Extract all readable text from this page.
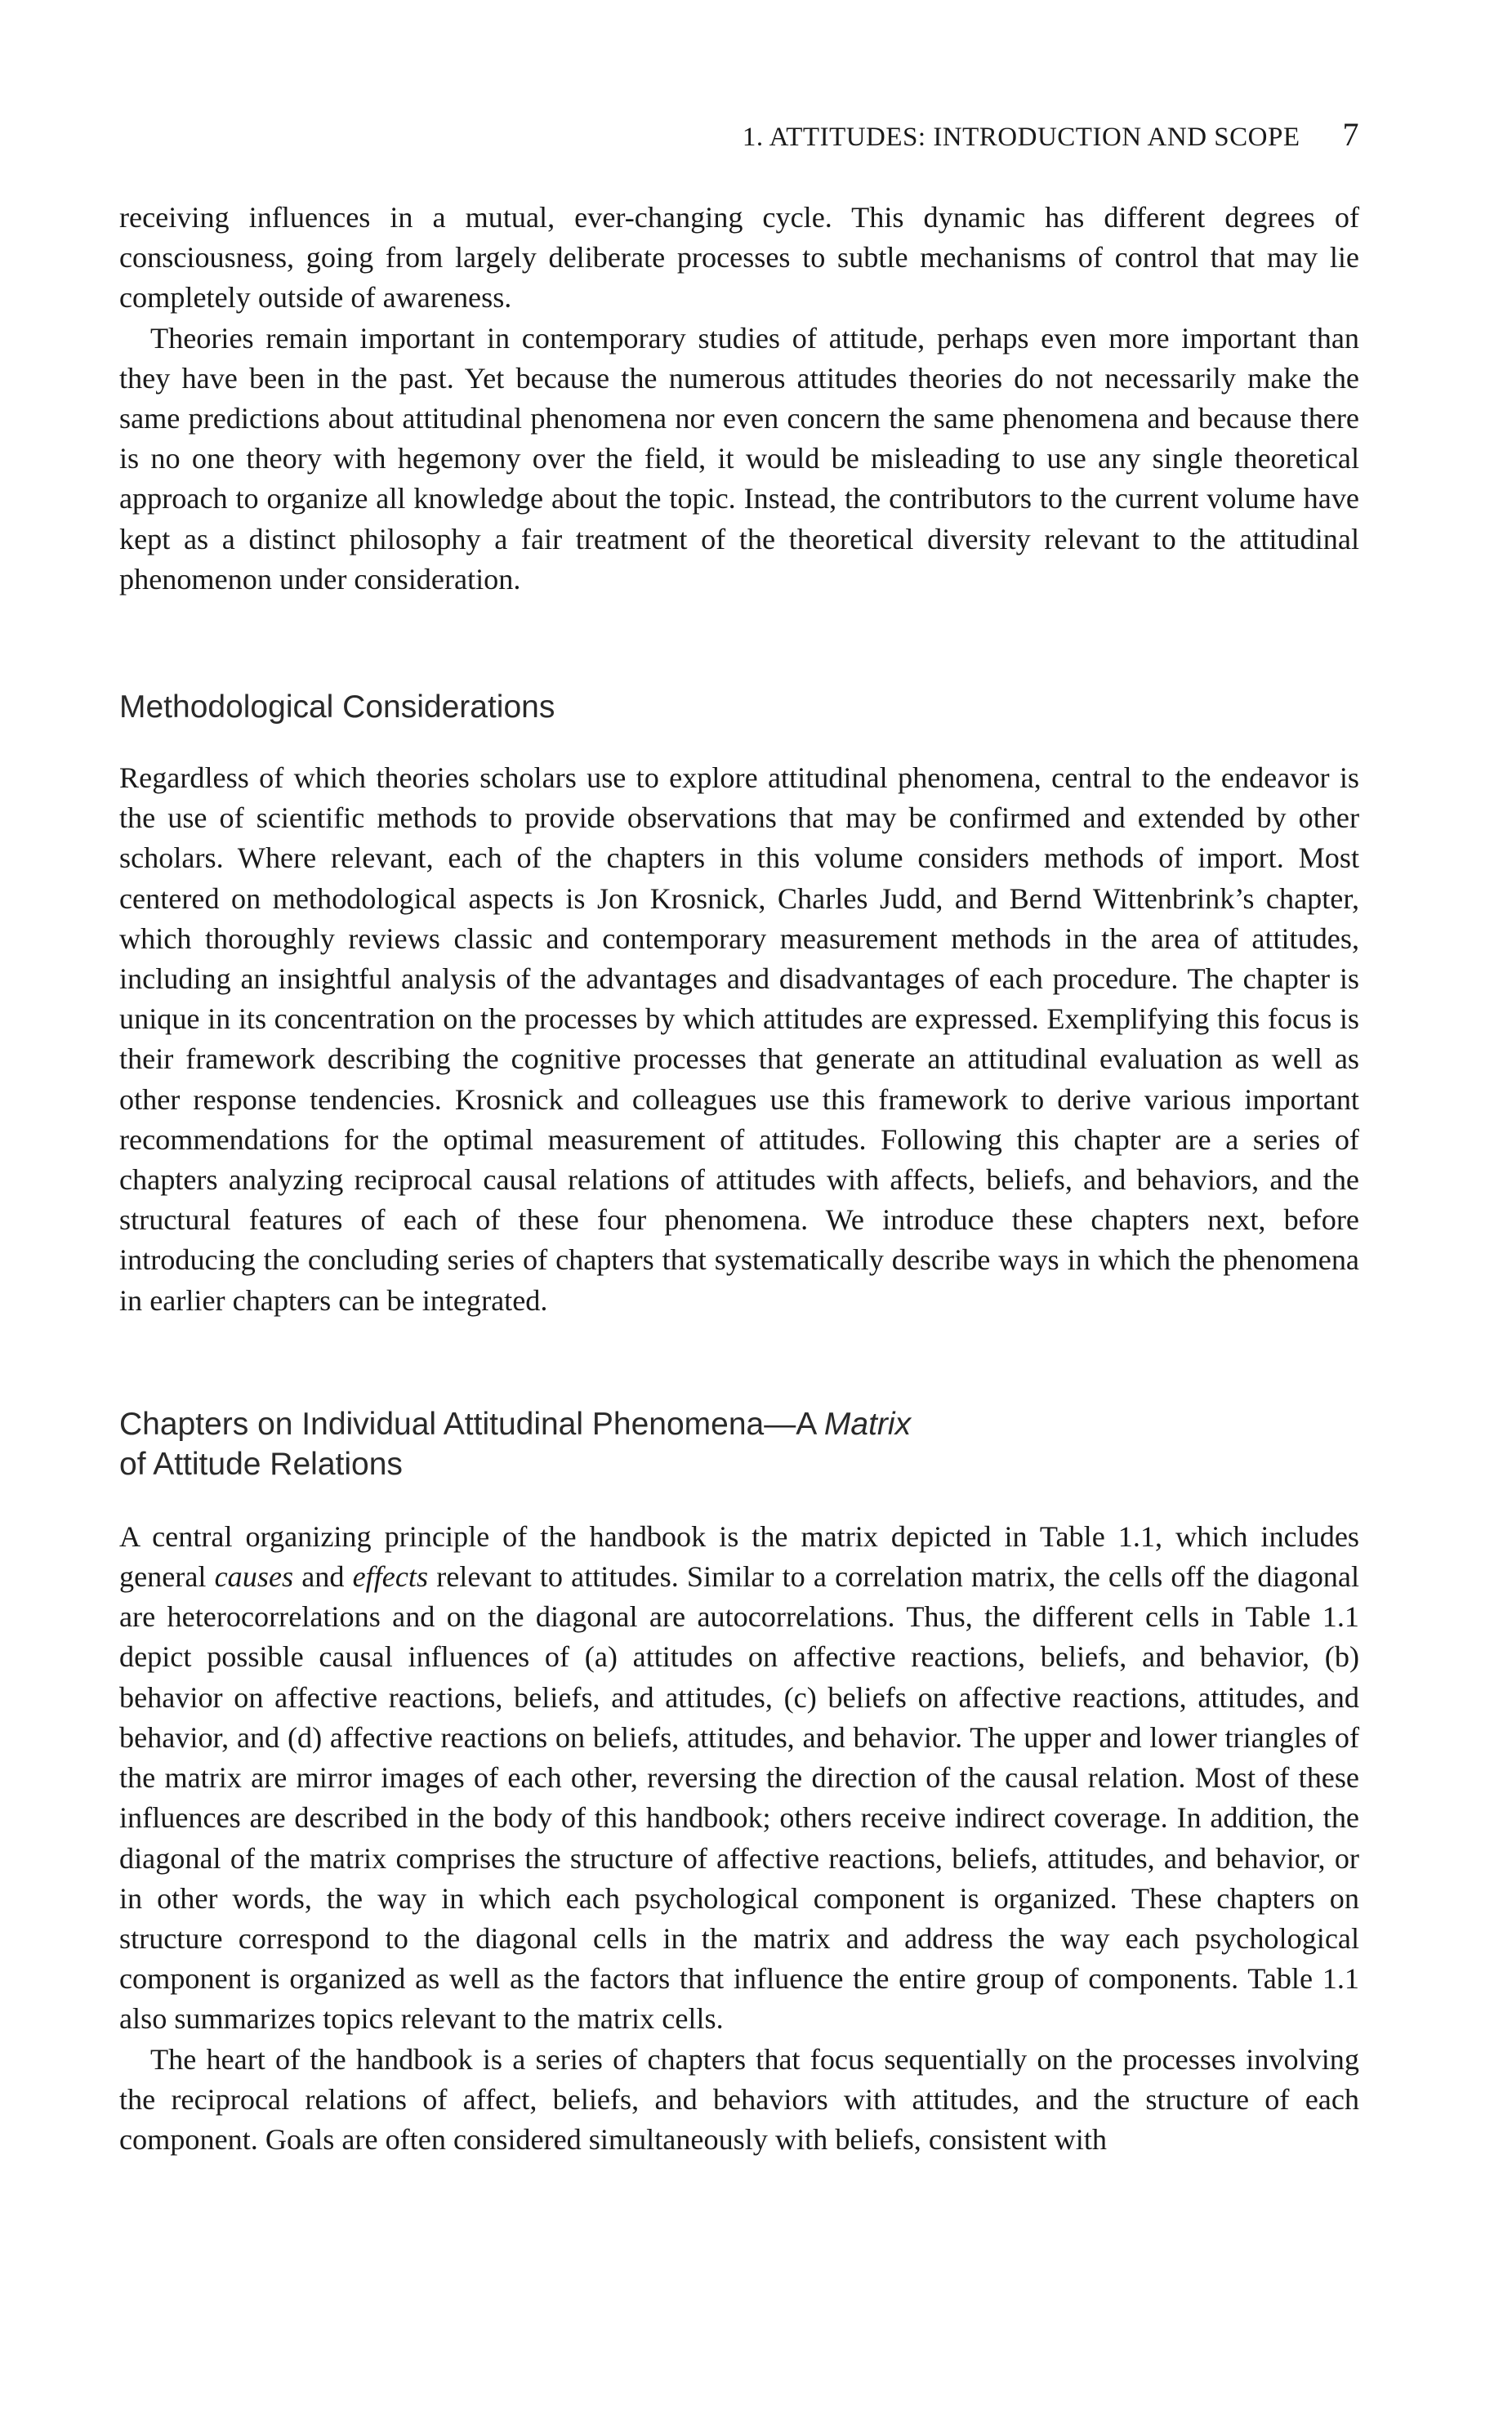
1. ATTITUDES: INTRODUCTION AND SCOPE 7

receiving influences in a mutual, ever-changing cycle. This dynamic has different degrees of consciousness, going from largely deliberate processes to subtle mechanisms of control that may lie completely outside of awareness.

Theories remain important in contemporary studies of attitude, perhaps even more important than they have been in the past. Yet because the numerous attitudes theories do not necessarily make the same predictions about attitudinal phenomena nor even concern the same phenomena and because there is no one theory with hegemony over the field, it would be misleading to use any single theoretical approach to organize all knowledge about the topic. Instead, the contributors to the current volume have kept as a distinct philosophy a fair treatment of the theoretical diversity relevant to the attitudinal phenomenon under consideration.

Methodological Considerations

Regardless of which theories scholars use to explore attitudinal phenomena, central to the endeavor is the use of scientific methods to provide observations that may be confirmed and extended by other scholars. Where relevant, each of the chapters in this volume considers methods of import. Most centered on methodological aspects is Jon Krosnick, Charles Judd, and Bernd Wittenbrink’s chapter, which thoroughly reviews classic and contemporary measurement methods in the area of attitudes, including an insightful analysis of the advantages and disadvantages of each procedure. The chapter is unique in its concentration on the processes by which attitudes are expressed. Exemplifying this focus is their framework describing the cognitive processes that generate an attitudinal evaluation as well as other response tendencies. Krosnick and colleagues use this framework to derive various important recommendations for the optimal measurement of attitudes. Following this chapter are a series of chapters analyzing reciprocal causal relations of attitudes with affects, beliefs, and behaviors, and the structural features of each of these four phenomena. We introduce these chapters next, before introducing the concluding series of chapters that systematically describe ways in which the phenomena in earlier chapters can be integrated.

Chapters on Individual Attitudinal Phenomena—A Matrix
of Attitude Relations

A central organizing principle of the handbook is the matrix depicted in Table 1.1, which includes general causes and effects relevant to attitudes. Similar to a correlation matrix, the cells off the diagonal are heterocorrelations and on the diagonal are autocorrelations. Thus, the different cells in Table 1.1 depict possible causal influences of (a) attitudes on affective reactions, beliefs, and behavior, (b) behavior on affective reactions, beliefs, and attitudes, (c) beliefs on affective reactions, attitudes, and behavior, and (d) affective reactions on beliefs, attitudes, and behavior. The upper and lower triangles of the matrix are mirror images of each other, reversing the direction of the causal relation. Most of these influences are described in the body of this handbook; others receive indirect coverage. In addition, the diagonal of the matrix comprises the structure of affective reactions, beliefs, attitudes, and behavior, or in other words, the way in which each psychological component is organized. These chapters on structure correspond to the diagonal cells in the matrix and address the way each psychological component is organized as well as the factors that influence the entire group of components. Table 1.1 also summarizes topics relevant to the matrix cells.

The heart of the handbook is a series of chapters that focus sequentially on the processes involving the reciprocal relations of affect, beliefs, and behaviors with attitudes, and the structure of each component. Goals are often considered simultaneously with beliefs, consistent with
